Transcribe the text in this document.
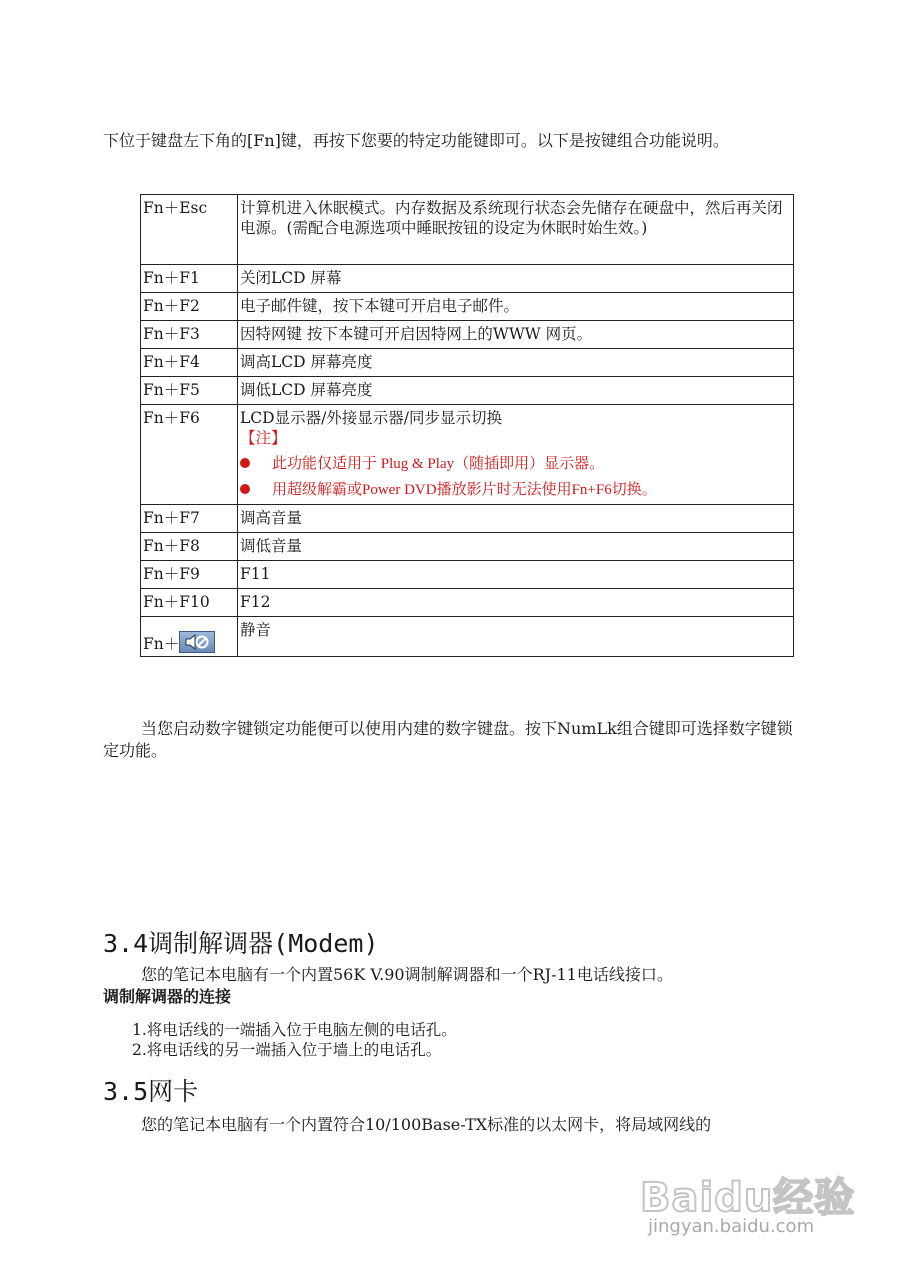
下位于键盘左下角的[Fn]键，再按下您要的特定功能键即可。以下是按键组合功能说明。

Fn＋Esc	计算机进入休眠模式。内存数据及系统现行状态会先储存在硬盘中，然后再关闭电源。(需配合电源选项中睡眠按钮的设定为休眠时始生效。)
Fn＋F1	关闭LCD 屏幕
Fn＋F2	电子邮件键，按下本键可开启电子邮件。
Fn＋F3	因特网键 按下本键可开启因特网上的WWW 网页。
Fn＋F4	调高LCD 屏幕亮度
Fn＋F5	调低LCD 屏幕亮度
Fn＋F6	LCD显示器/外接显示器/同步显示切换
【注】
此功能仅适用于 Plug & Play（随插即用）显示器。
用超级解霸或Power DVD播放影片时无法使用Fn+F6切换。

Fn＋F7	调高音量
Fn＋F8	调低音量
Fn＋F9	F11
Fn＋F10	F12
Fn＋	静音

当您启动数字键锁定功能便可以使用内建的数字键盘。按下NumLk组合键即可选择数字键锁定功能。

3.4调制解调器(Modem)

您的笔记本电脑有一个内置56K V.90调制解调器和一个RJ-11电话线接口。

调制解调器的连接

1.将电话线的一端插入位于电脑左侧的电话孔。
2.将电话线的另一端插入位于墙上的电话孔。
3.5网卡

您的笔记本电脑有一个内置符合10/100Base-TX标准的以太网卡，将局域网线的

Baidu经验
jingyan.baidu.com
